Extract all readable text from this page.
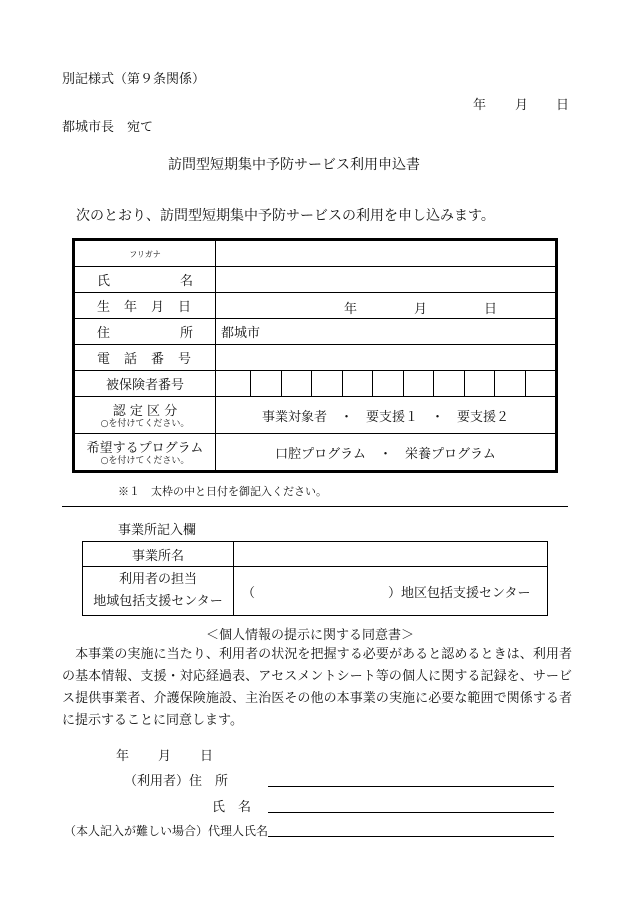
別記様式（第９条関係）
年 月 日
都城市長　宛て
訪問型短期集中予防サービス利用申込書
次のとおり、訪問型短期集中予防サービスの利用を申し込みます。
フリガナ	

氏 名	

生 年 月 日	年 月 日

住 所	都城市

電 話 番 号	

被保険者番号	

認 定 区 分
○を付けてください。	事業対象者　・　要支援１　・　要支援２

希望するプログラム
○を付けてください。	口腔プログラム　・　栄養プログラム
※１　太枠の中と日付を御記入ください。
事業所記入欄
事業所名	

利用者の担当
地域包括支援センター	（ ）地区包括支援センター
＜個人情報の提示に関する同意書＞
　本事業の実施に当たり、利用者の状況を把握する必要があると認めるときは、利用者の基本情報、支援・対応経過表、アセスメントシート等の個人に関する記録を、サービス提供事業者、介護保険施設、主治医その他の本事業の実施に必要な範囲で関係する者に提示することに同意します。
年 月 日
（利用者）住　所
氏　名
（本人記入が難しい場合）代理人氏名
